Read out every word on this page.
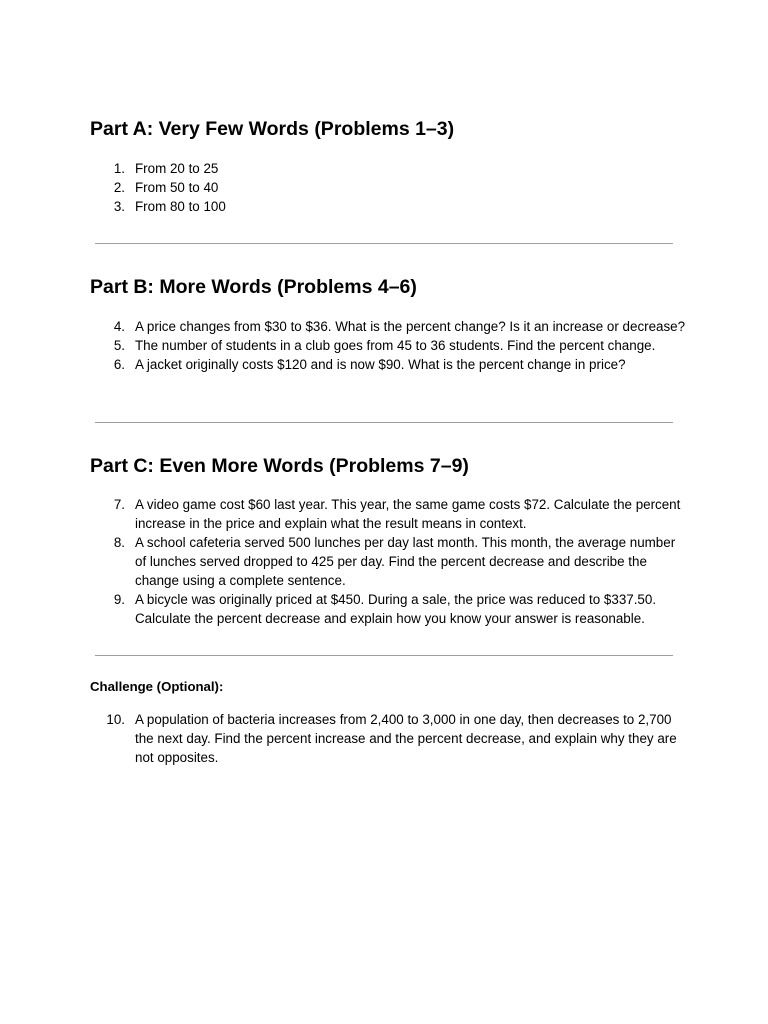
Part A: Very Few Words (Problems 1–3)
1. From 20 to 25
2. From 50 to 40
3. From 80 to 100
Part B: More Words (Problems 4–6)
4. A price changes from $30 to $36. What is the percent change? Is it an increase or decrease?
5. The number of students in a club goes from 45 to 36 students. Find the percent change.
6. A jacket originally costs $120 and is now $90. What is the percent change in price?
Part C: Even More Words (Problems 7–9)
7. A video game cost $60 last year. This year, the same game costs $72. Calculate the percent increase in the price and explain what the result means in context.
8. A school cafeteria served 500 lunches per day last month. This month, the average number of lunches served dropped to 425 per day. Find the percent decrease and describe the change using a complete sentence.
9. A bicycle was originally priced at $450. During a sale, the price was reduced to $337.50. Calculate the percent decrease and explain how you know your answer is reasonable.
Challenge (Optional):
10. A population of bacteria increases from 2,400 to 3,000 in one day, then decreases to 2,700 the next day. Find the percent increase and the percent decrease, and explain why they are not opposites.
